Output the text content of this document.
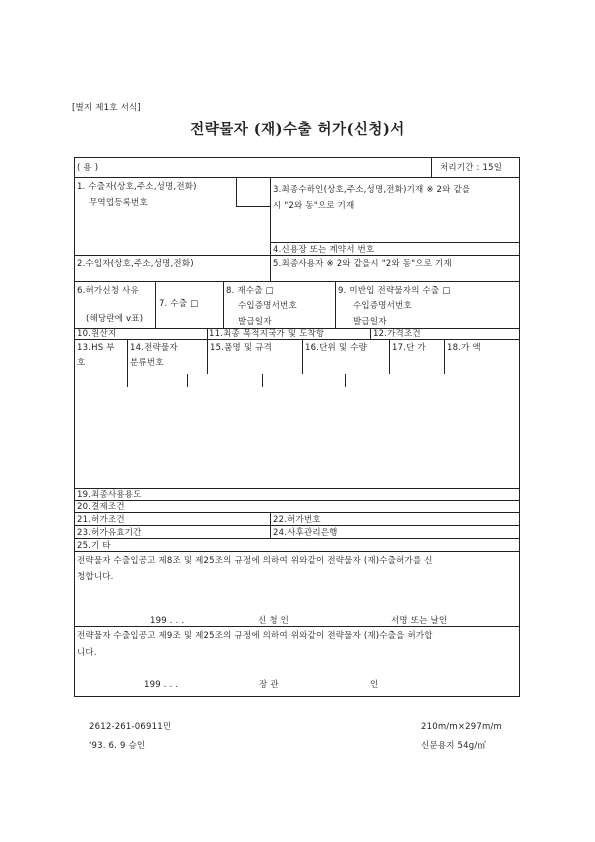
[별지 제1호 서식]
전략물자 (재)수출 허가(신청)서
( 용 )	처리기간 : 15일
1. 수출자(상호,주소,성명,전화)
무역업등록번호
3.최종수하인(상호,주소,성명,전화)기재 ※ 2와 같을
시 "2와 동"으로 기재
4.신용장 또는 계약서 번호
2.수입자(상호,주소,성명,전화)	5.최종사용자 ※ 2와 같을시 "2와 동"으로 기재
6.허가신청 사유
(해당란에 v표)
7. 수출 □
8. 재수출 □
수입증명서번호
발급일자
9. 미반입 전략물자의 수출 □
수입증명서번호
발급일자
10.원산지	11.최종 목적지국가 및 도착항	12.가격조건
13.HS 부
호
14.전략물자
분류번호
15.품명 및 규격	16.단위 및 수량	17.단 가 18.가 액
19.최종사용용도
20.결제조건
21.허가조건	22.허가번호
23.허가유효기간	24.사후관리은행
25.기 타
전략물자 수출입공고 제8조 및 제25조의 규정에 의하여 위와같이 전략물자 (재)수출허가를 신
청합니다.
199 . . .	신 청 인	서명 또는 날인
전략물자 수출입공고 제9조 및 제25조의 규정에 의하여 위와같이 전략물자 (재)수출을 허가합
니다.
199 . . .	장 관	인
2612-261-06911민	210m/m×297m/m
'93. 6. 9 승인	신문용지 54g/㎡
